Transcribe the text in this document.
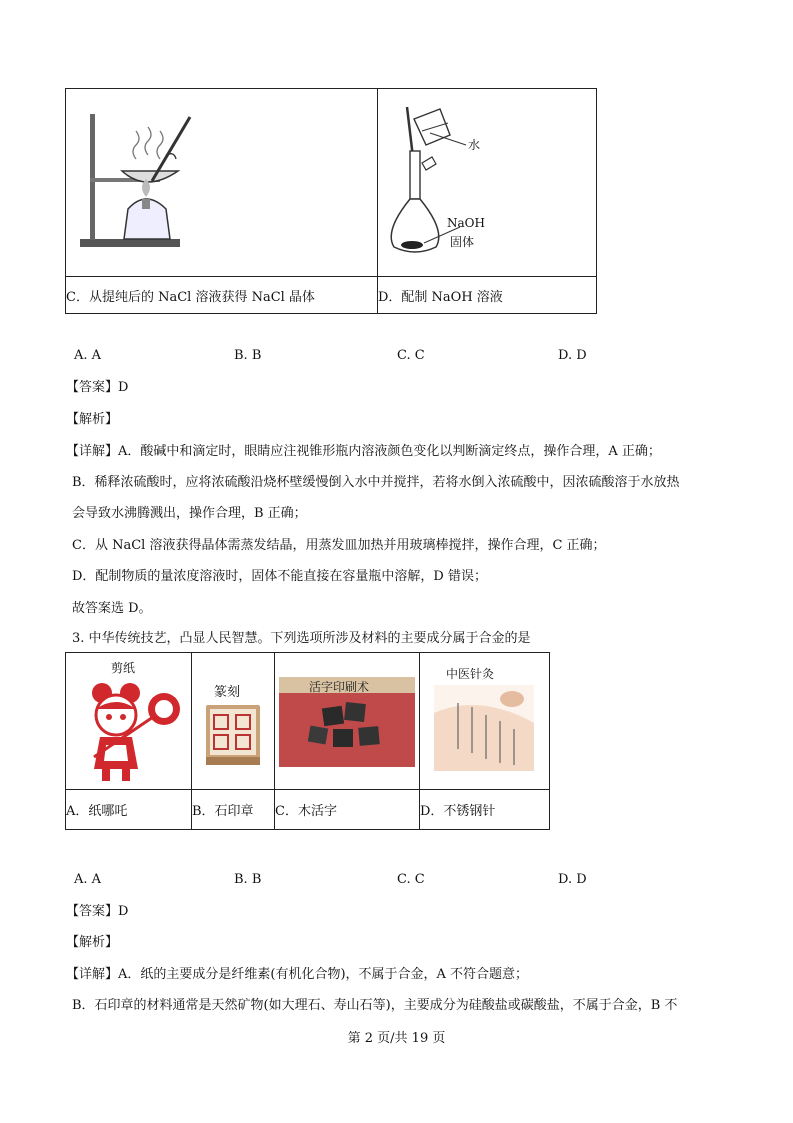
水
NaOH
固体

C．从提纯后的 NaCl 溶液获得 NaCl 晶体	D．配制 NaOH 溶液
A. A	B. B	C. C	D. D
【答案】D
【解析】
【详解】A．酸碱中和滴定时，眼睛应注视锥形瓶内溶液颜色变化以判断滴定终点，操作合理，A 正确；
B．稀释浓硫酸时，应将浓硫酸沿烧杯壁缓慢倒入水中并搅拌，若将水倒入浓硫酸中，因浓硫酸溶于水放热
会导致水沸腾溅出，操作合理，B 正确；
C．从 NaCl 溶液获得晶体需蒸发结晶，用蒸发皿加热并用玻璃棒搅拌，操作合理，C 正确；
D．配制物质的量浓度溶液时，固体不能直接在容量瓶中溶解，D 错误；
故答案选 D。
3. 中华传统技艺，凸显人民智慧。下列选项所涉及材料的主要成分属于合金的是
剪纸	篆刻	活字印刷术	中医针灸

A．纸哪吒	B．石印章	C．木活字	D．不锈钢针
A. A	B. B	C. C	D. D
【答案】D
【解析】
【详解】A．纸的主要成分是纤维素(有机化合物)，不属于合金，A 不符合题意；
B．石印章的材料通常是天然矿物(如大理石、寿山石等)，主要成分为硅酸盐或碳酸盐，不属于合金，B 不
第 2 页/共 19 页
